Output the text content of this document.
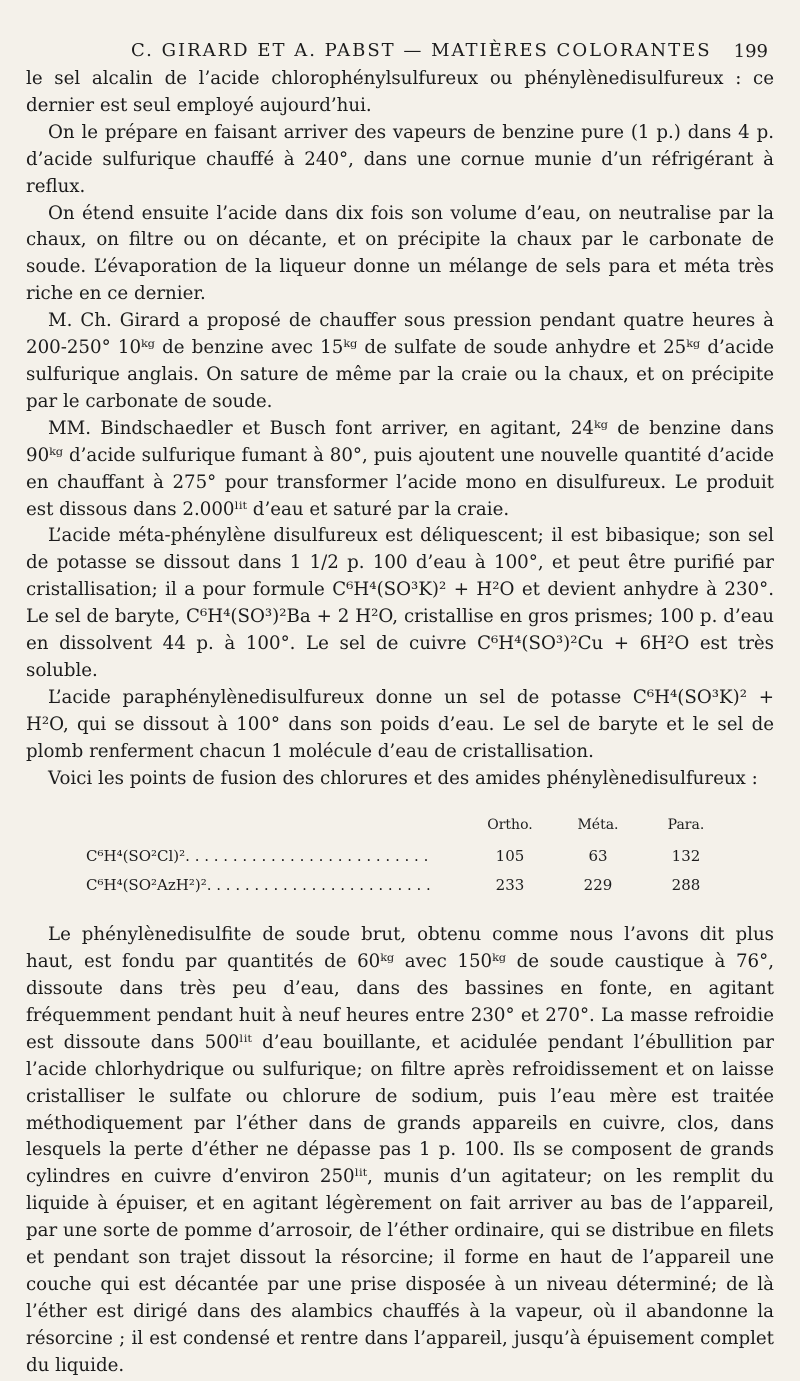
C. GIRARD ET A. PABST — MATIÈRES COLORANTES 199

le sel alcalin de l’acide chlorophénylsulfureux ou phénylènedisulfureux : ce dernier est seul employé aujourd’hui.

On le prépare en faisant arriver des vapeurs de benzine pure (1 p.) dans 4 p. d’acide sulfurique chauffé à 240°, dans une cornue munie d’un réfrigérant à reflux.

On étend ensuite l’acide dans dix fois son volume d’eau, on neutralise par la chaux, on filtre ou on décante, et on précipite la chaux par le carbonate de soude. L’évaporation de la liqueur donne un mélange de sels para et méta très riche en ce dernier.

M. Ch. Girard a proposé de chauffer sous pression pendant quatre heures à 200-250° 10ᵏᵍ de benzine avec 15ᵏᵍ de sulfate de soude anhydre et 25ᵏᵍ d’acide sulfurique anglais. On sature de même par la craie ou la chaux, et on précipite par le carbonate de soude.

MM. Bindschaedler et Busch font arriver, en agitant, 24ᵏᵍ de benzine dans 90ᵏᵍ d’acide sulfurique fumant à 80°, puis ajoutent une nouvelle quantité d’acide en chauffant à 275° pour transformer l’acide mono en disulfureux. Le produit est dissous dans 2.000ˡⁱᵗ d’eau et saturé par la craie.

L’acide méta-phénylène disulfureux est déliquescent; il est bibasique; son sel de potasse se dissout dans 1 1/2 p. 100 d’eau à 100°, et peut être purifié par cristallisation; il a pour formule C⁶H⁴(SO³K)² + H²O et devient anhydre à 230°. Le sel de baryte, C⁶H⁴(SO³)²Ba + 2 H²O, cristallise en gros prismes; 100 p. d’eau en dissolvent 44 p. à 100°. Le sel de cuivre C⁶H⁴(SO³)²Cu + 6H²O est très soluble.

L’acide paraphénylènedisulfureux donne un sel de potasse C⁶H⁴(SO³K)² + H²O, qui se dissout à 100° dans son poids d’eau. Le sel de baryte et le sel de plomb renferment chacun 1 molécule d’eau de cristallisation.

Voici les points de fusion des chlorures et des amides phénylènedisulfureux :

	Ortho.	Méta.	Para.
C⁶H⁴(SO²Cl)². . . . . . . . . . . . . . . . . . . . . . . . . .	105	63	132
C⁶H⁴(SO²AzH²)². . . . . . . . . . . . . . . . . . . . . . . .	233	229	288

Le phénylènedisulfite de soude brut, obtenu comme nous l’avons dit plus haut, est fondu par quantités de 60ᵏᵍ avec 150ᵏᵍ de soude caustique à 76°, dissoute dans très peu d’eau, dans des bassines en fonte, en agitant fréquemment pendant huit à neuf heures entre 230° et 270°. La masse refroidie est dissoute dans 500ˡⁱᵗ d’eau bouillante, et acidulée pendant l’ébullition par l’acide chlorhydrique ou sulfurique; on filtre après refroidissement et on laisse cristalliser le sulfate ou chlorure de sodium, puis l’eau mère est traitée méthodiquement par l’éther dans de grands appareils en cuivre, clos, dans lesquels la perte d’éther ne dépasse pas 1 p. 100. Ils se composent de grands cylindres en cuivre d’environ 250ˡⁱᵗ, munis d’un agitateur; on les remplit du liquide à épuiser, et en agitant légèrement on fait arriver au bas de l’appareil, par une sorte de pomme d’arrosoir, de l’éther ordinaire, qui se distribue en filets et pendant son trajet dissout la résorcine; il forme en haut de l’appareil une couche qui est décantée par une prise disposée à un niveau déterminé; de là l’éther est dirigé dans des alambics chauffés à la vapeur, où il abandonne la résorcine ; il est condensé et rentre dans l’appareil, jusqu’à épuisement complet du liquide.
